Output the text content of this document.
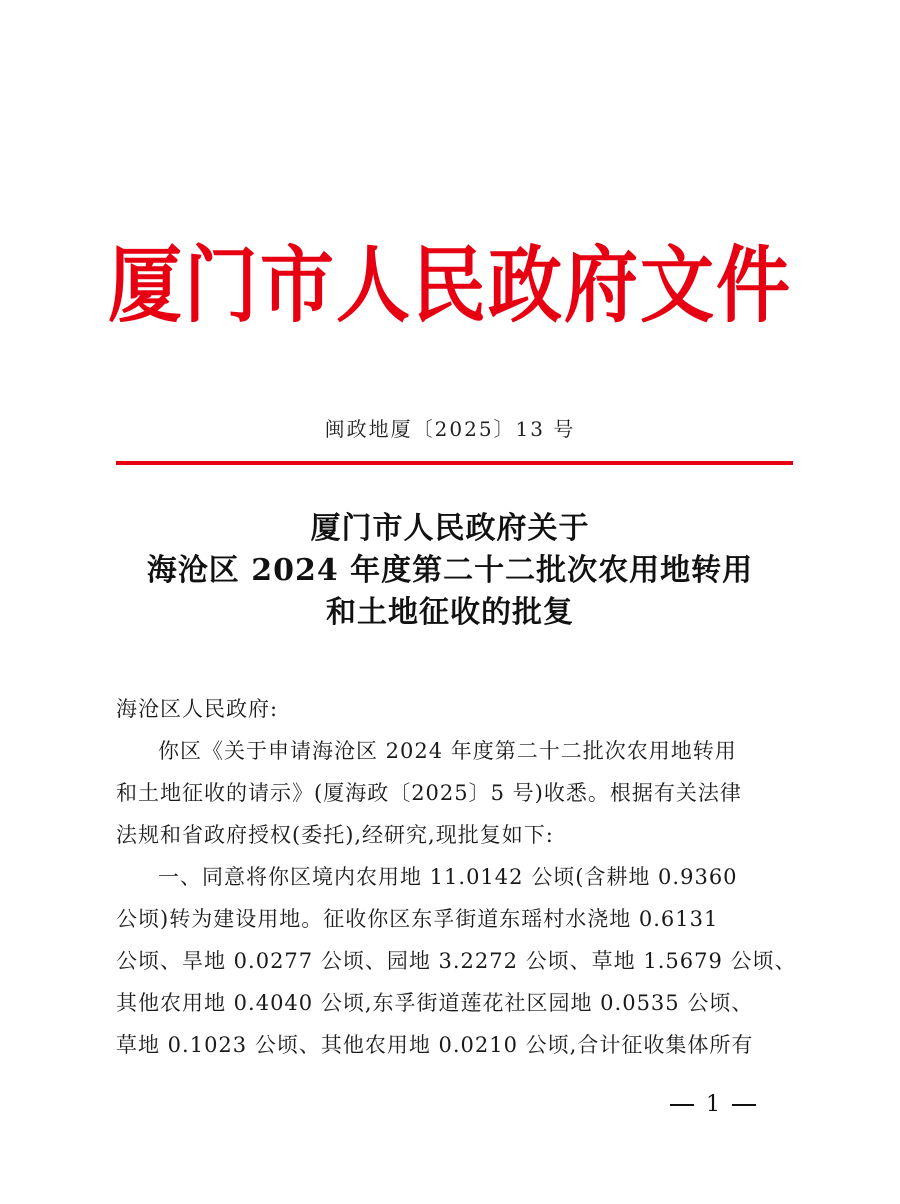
厦门市人民政府文件
闽政地厦〔2025〕13 号
厦门市人民政府关于
海沧区 2024 年度第二十二批次农用地转用
和土地征收的批复
海沧区人民政府:
你区《关于申请海沧区 2024 年度第二十二批次农用地转用
和土地征收的请示》(厦海政〔2025〕5 号)收悉。根据有关法律
法规和省政府授权(委托),经研究,现批复如下:
一、同意将你区境内农用地 11.0142 公顷(含耕地 0.9360
公顷)转为建设用地。征收你区东孚街道东瑶村水浇地 0.6131
公顷、旱地 0.0277 公顷、园地 3.2272 公顷、草地 1.5679 公顷、
其他农用地 0.4040 公顷,东孚街道莲花社区园地 0.0535 公顷、
草地 0.1023 公顷、其他农用地 0.0210 公顷,合计征收集体所有
1
